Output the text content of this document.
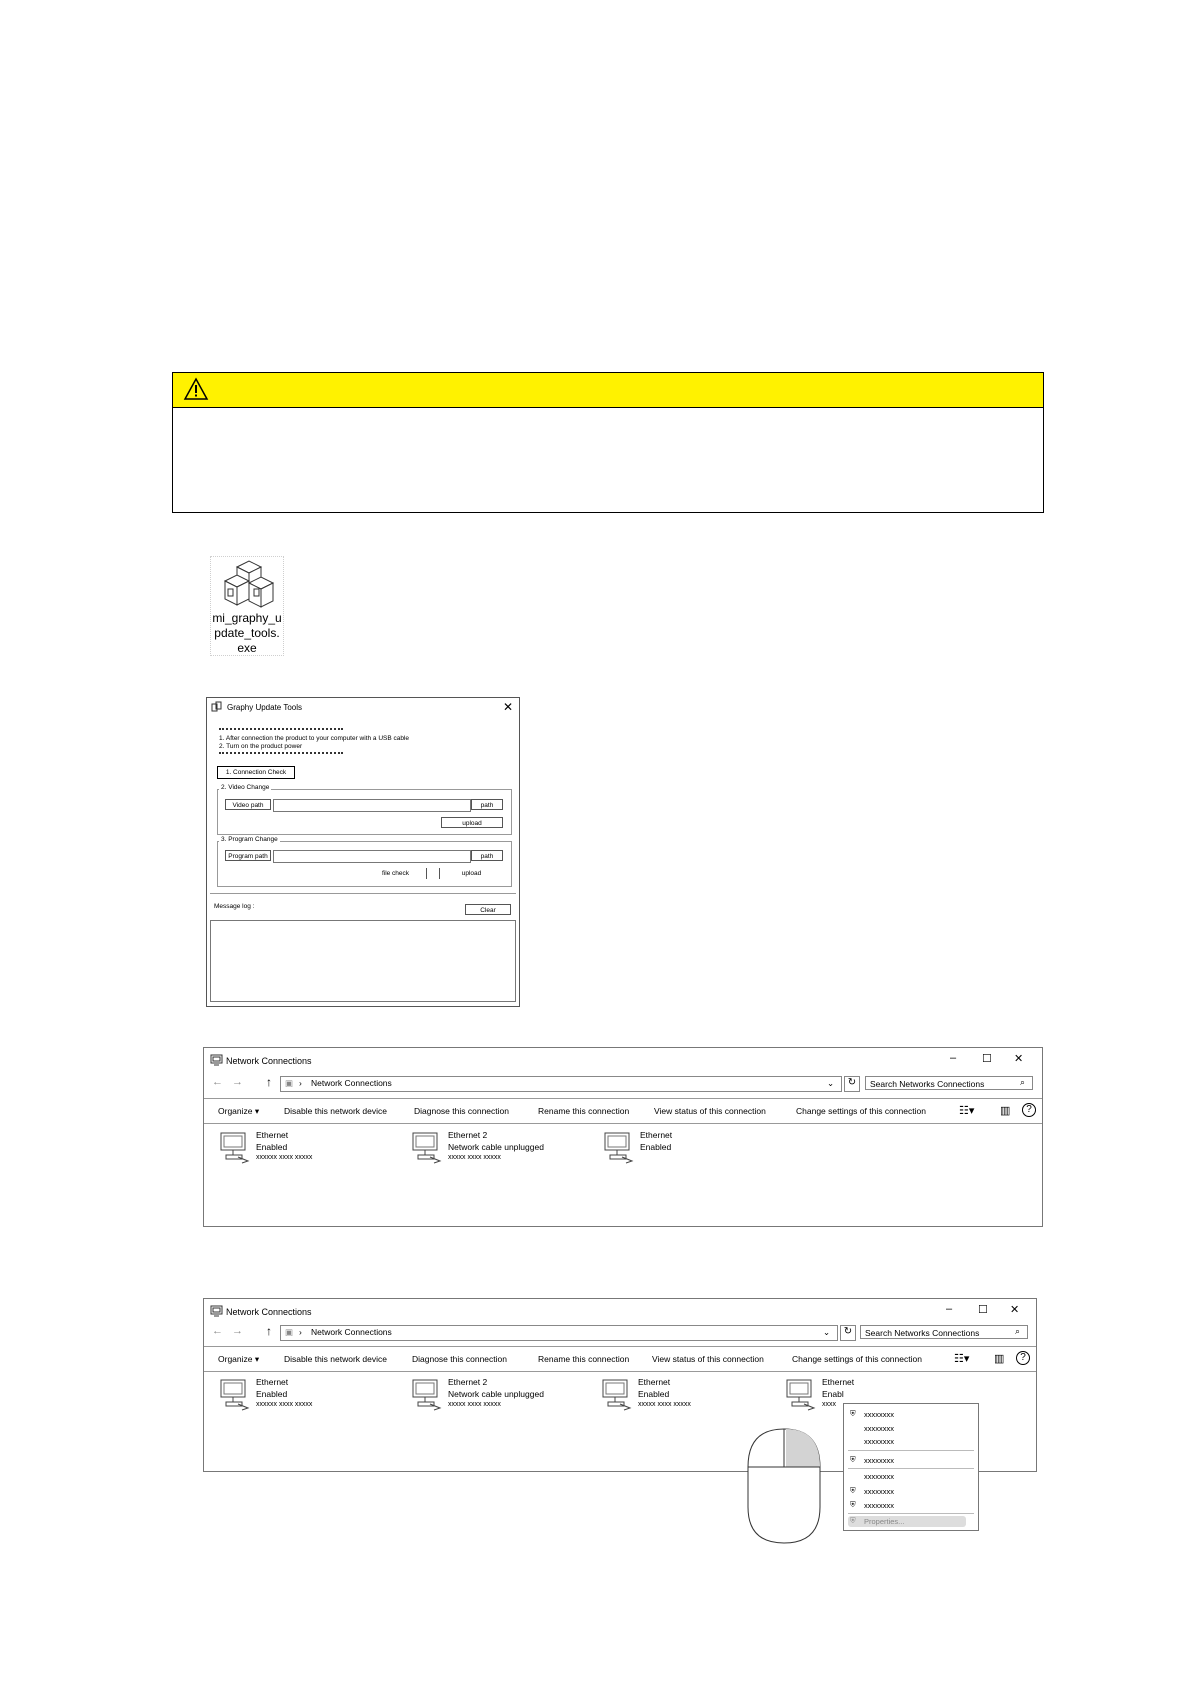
mi_graphy_update_tools.exe
Graphy Update Tools	✕
1. After connection the product to your computer with a USB cable
2. Turn on the product power
1. Connection Check
2. Video Change
Video path	path
upload
3. Program Change
Program path	path
file check	upload
Message log :
Clear
Network Connections	– ☐ ✕
← → ↑ ▣ › Network Connections	⌄	↻	Search Networks Connections	⌕
Organize ▾	Disable this network device	Diagnose this connection	Rename this connection	View status of this connection	Change settings of this connection	☷▾ ▥	?
Ethernet
Enabled
xxxxxx xxxx xxxxx
Ethernet 2
Network cable unplugged
xxxxx xxxx xxxxx
Ethernet
Enabled
Network Connections	– ☐ ✕
← → ↑ ▣ › Network Connections	⌄	↻	Search Networks Connections	⌕
Organize ▾	Disable this network device	Diagnose this connection	Rename this connection	View status of this connection	Change settings of this connection	☷▾ ▥	?
Ethernet
Enabled
xxxxxx xxxx xxxxx
Ethernet 2
Network cable unplugged
xxxxx xxxx xxxxx
Ethernet
Enabled
xxxxx xxxx xxxxx
Ethernet
Enabl
xxxx
⛨ xxxxxxxx
xxxxxxxx
xxxxxxxx
⛨ xxxxxxxx
xxxxxxxx
⛨ xxxxxxxx
⛨ xxxxxxxx
Properties...
⛨
